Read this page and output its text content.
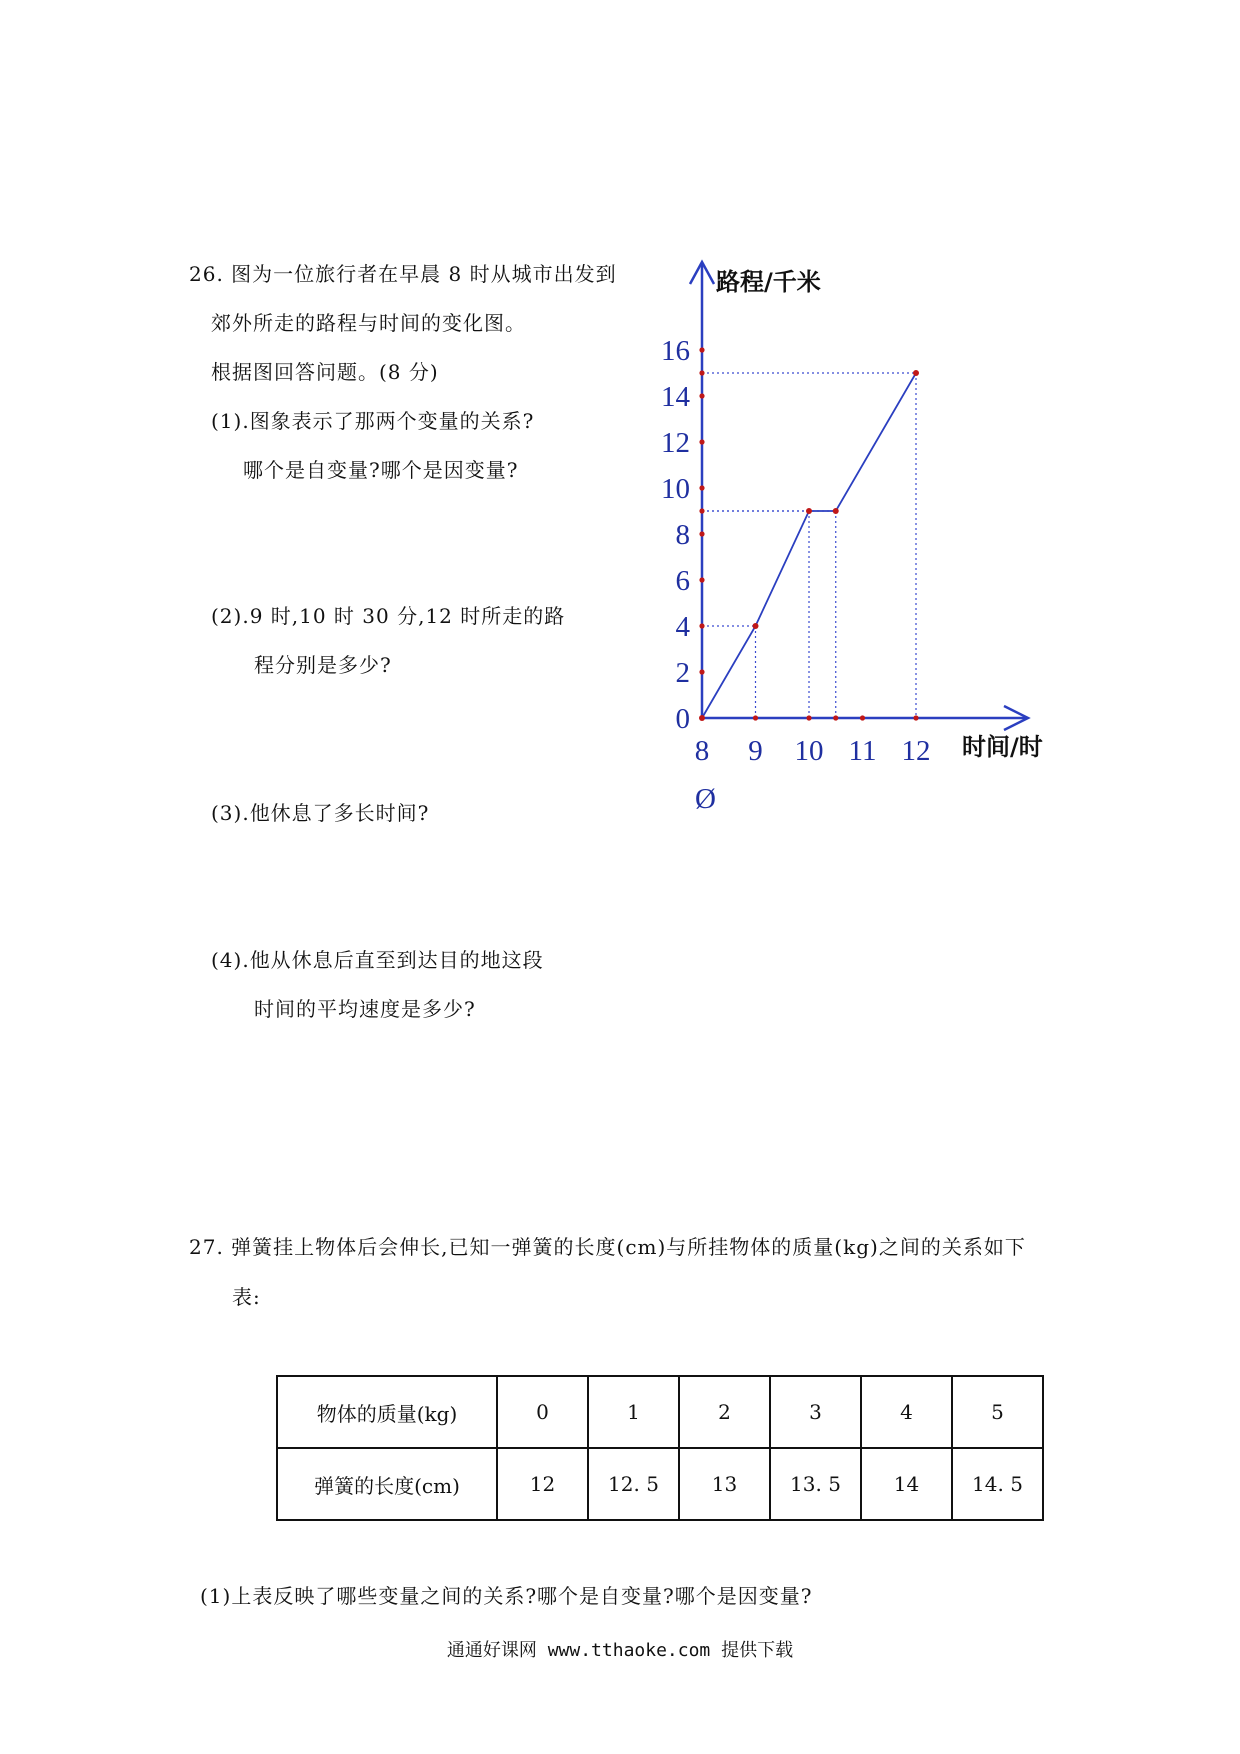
26. 图为一位旅行者在早晨 8 时从城市出发到
郊外所走的路程与时间的变化图。
根据图回答问题。(8 分)
(1).图象表示了那两个变量的关系?
哪个是自变量?哪个是因变量?
(2).9 时,10 时 30 分,12 时所走的路
程分别是多少?
(3).他休息了多长时间?
(4).他从休息后直至到达目的地这段
时间的平均速度是多少?
16
14
12
10
8
6
4
2
0
8 9 10 11 12
路程/千米
时间/时
Ø
27. 弹簧挂上物体后会伸长,已知一弹簧的长度(cm)与所挂物体的质量(kg)之间的关系如下
表:
物体的质量(kg)	0	1	2	3	4	5
弹簧的长度(cm)	12	12. 5	13	13. 5	14	14. 5
(1)上表反映了哪些变量之间的关系?哪个是自变量?哪个是因变量?
通通好课网 www.tthaoke.com 提供下载
